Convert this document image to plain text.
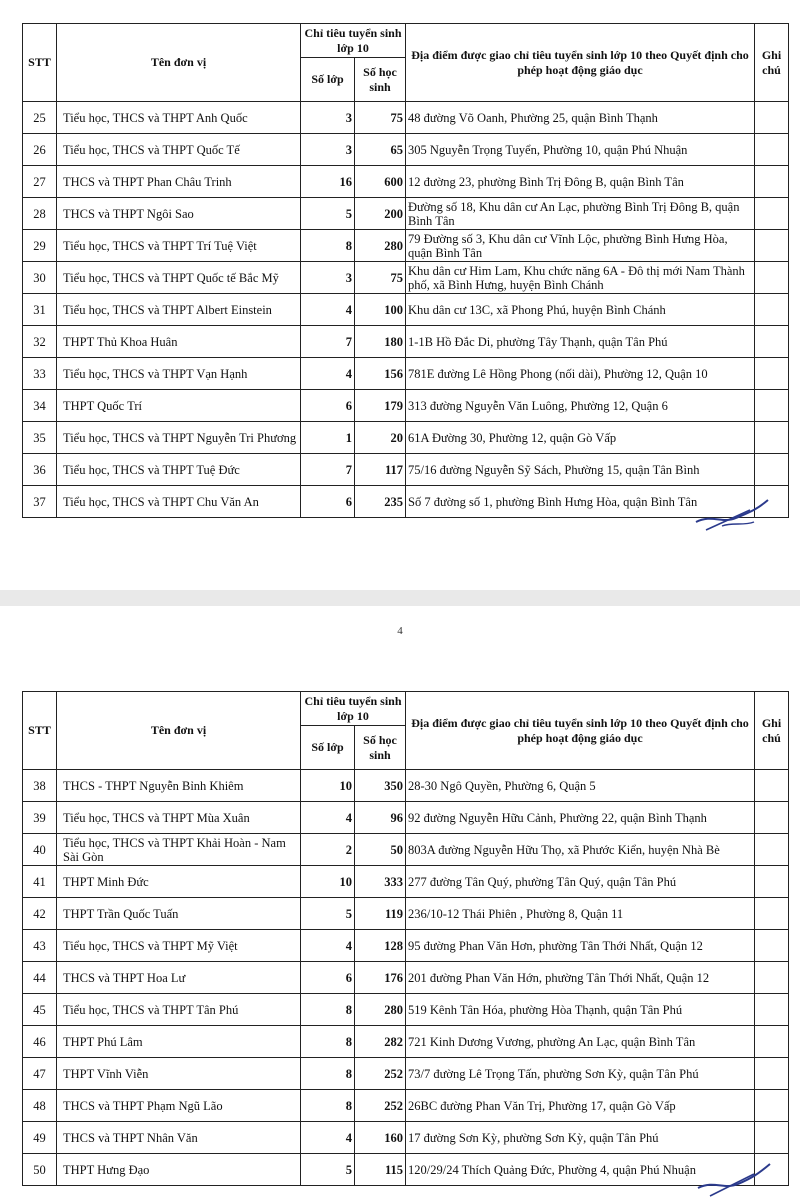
STT	Tên đơn vị	Chỉ tiêu tuyển sinh lớp 10		Địa điểm được giao chỉ tiêu tuyển sinh lớp 10 theo Quyết định cho phép hoạt động giáo dục	Ghi chú
		Số lớp	Số học sinh		
25	Tiểu học, THCS và THPT Anh Quốc	3	75	48 đường Võ Oanh, Phường 25, quận Bình Thạnh	
26	Tiểu học, THCS và THPT Quốc Tế	3	65	305 Nguyễn Trọng Tuyển, Phường 10, quận Phú Nhuận	
27	THCS và THPT Phan Châu Trinh	16	600	12 đường 23, phường Bình Trị Đông B, quận Bình Tân	
28	THCS và THPT Ngôi Sao	5	200	Đường số 18, Khu dân cư An Lạc, phường Bình Trị Đông B, quận Bình Tân	
29	Tiểu học, THCS và THPT Trí Tuệ Việt	8	280	79 Đường số 3, Khu dân cư Vĩnh Lộc, phường Bình Hưng Hòa, quận Bình Tân	
30	Tiểu học, THCS và THPT Quốc tế Bắc Mỹ	3	75	Khu dân cư Him Lam, Khu chức năng 6A - Đô thị mới Nam Thành phố, xã Bình Hưng, huyện Bình Chánh	
31	Tiểu học, THCS và THPT Albert Einstein	4	100	Khu dân cư 13C, xã Phong Phú, huyện Bình Chánh	
32	THPT Thủ Khoa Huân	7	180	1-1B Hồ Đắc Di, phường Tây Thạnh, quận Tân Phú	
33	Tiểu học, THCS và THPT Vạn Hạnh	4	156	781E đường Lê Hồng Phong (nối dài), Phường 12, Quận 10	
34	THPT Quốc Trí	6	179	313 đường Nguyễn Văn Luông, Phường 12, Quận 6	
35	Tiểu học, THCS và THPT Nguyễn Tri Phương	1	20	61A Đường 30, Phường 12, quận Gò Vấp	
36	Tiểu học, THCS và THPT Tuệ Đức	7	117	75/16 đường Nguyễn Sỹ Sách, Phường 15, quận Tân Bình	
37	Tiểu học, THCS và THPT Chu Văn An	6	235	Số 7 đường số 1, phường Bình Hưng Hòa, quận Bình Tân	
4
STT	Tên đơn vị	Chỉ tiêu tuyển sinh lớp 10		Địa điểm được giao chỉ tiêu tuyển sinh lớp 10 theo Quyết định cho phép hoạt động giáo dục	Ghi chú
		Số lớp	Số học sinh		
38	THCS - THPT Nguyễn Bỉnh Khiêm	10	350	28-30 Ngô Quyền, Phường 6, Quận 5	
39	Tiểu học, THCS và THPT Mùa Xuân	4	96	92 đường Nguyễn Hữu Cảnh, Phường 22, quận Bình Thạnh	
40	Tiểu học, THCS và THPT Khải Hoàn - Nam Sài Gòn	2	50	803A đường Nguyễn Hữu Thọ, xã Phước Kiển, huyện Nhà Bè	
41	THPT Minh Đức	10	333	277 đường Tân Quý, phường Tân Quý, quận Tân Phú	
42	THPT Trần Quốc Tuấn	5	119	236/10-12 Thái Phiên , Phường 8, Quận 11	
43	Tiểu học, THCS và THPT Mỹ Việt	4	128	95 đường Phan Văn Hơn, phường Tân Thới Nhất, Quận 12	
44	THCS và THPT Hoa Lư	6	176	201 đường Phan Văn Hớn, phường Tân Thới Nhất, Quận 12	
45	Tiểu học, THCS và THPT Tân Phú	8	280	519 Kênh Tân Hóa, phường Hòa Thạnh, quận Tân Phú	
46	THPT Phú Lâm	8	282	721 Kinh Dương Vương, phường An Lạc, quận Bình Tân	
47	THPT Vĩnh Viễn	8	252	73/7 đường Lê Trọng Tấn, phường Sơn Kỳ, quận Tân Phú	
48	THCS và THPT Phạm Ngũ Lão	8	252	26BC đường Phan Văn Trị, Phường 17, quận Gò Vấp	
49	THCS và THPT Nhân Văn	4	160	17 đường Sơn Kỳ, phường Sơn Kỳ, quận Tân Phú	
50	THPT Hưng Đạo	5	115	120/29/24 Thích Quảng Đức, Phường 4, quận Phú Nhuận	
